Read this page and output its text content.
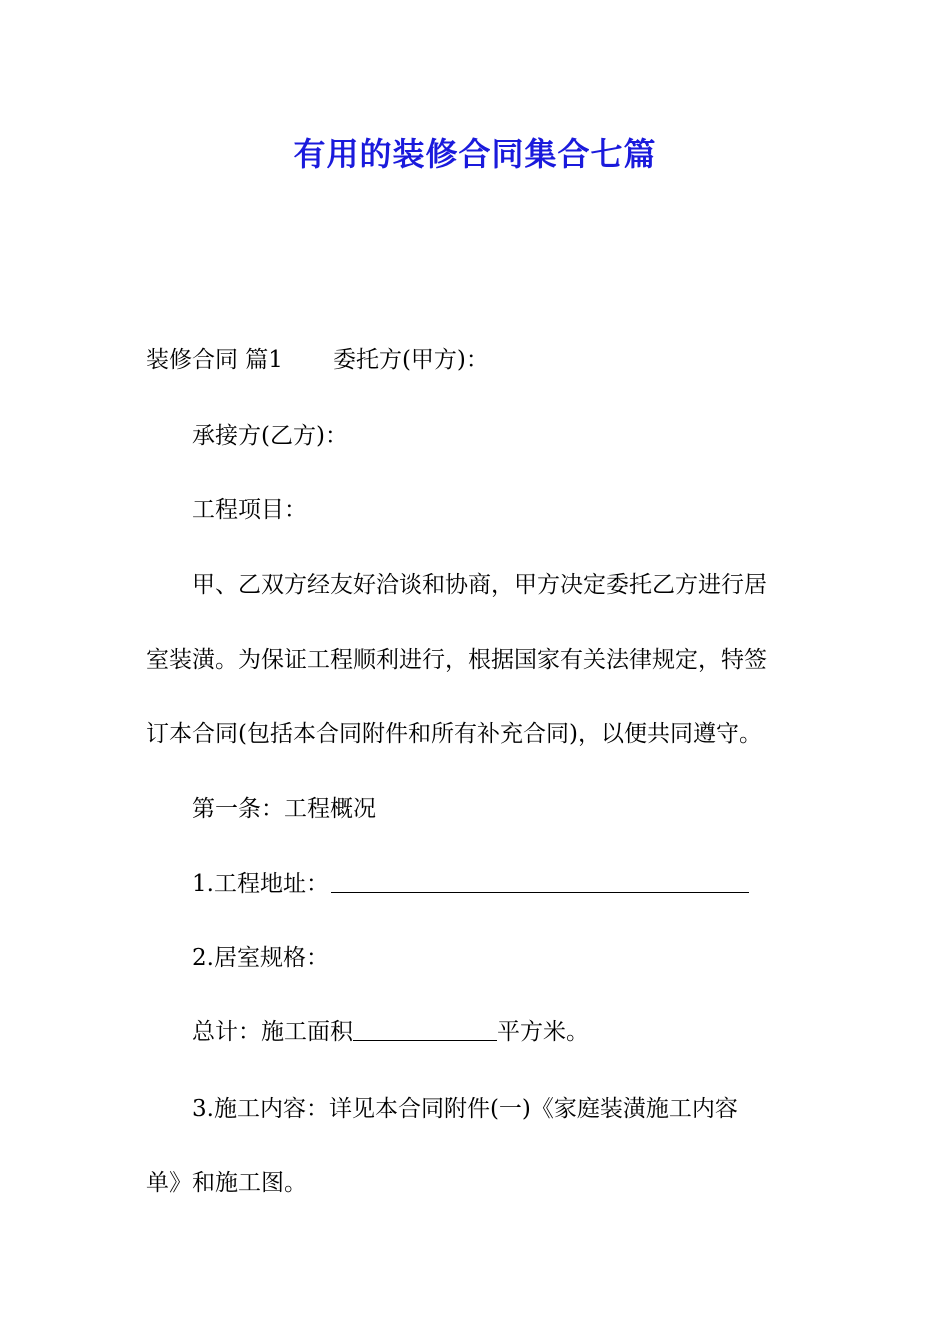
有用的装修合同集合七篇
装修合同 篇1 委托方(甲方)：
承接方(乙方)：
工程项目：
甲、乙双方经友好洽谈和协商，甲方决定委托乙方进行居
室装潢。为保证工程顺利进行，根据国家有关法律规定，特签
订本合同(包括本合同附件和所有补充合同)，以便共同遵守。
第一条：工程概况
1.工程地址：
2.居室规格：
总计：施工面积	平方米。
3.施工内容：详见本合同附件(一)《家庭装潢施工内容
单》和施工图。
